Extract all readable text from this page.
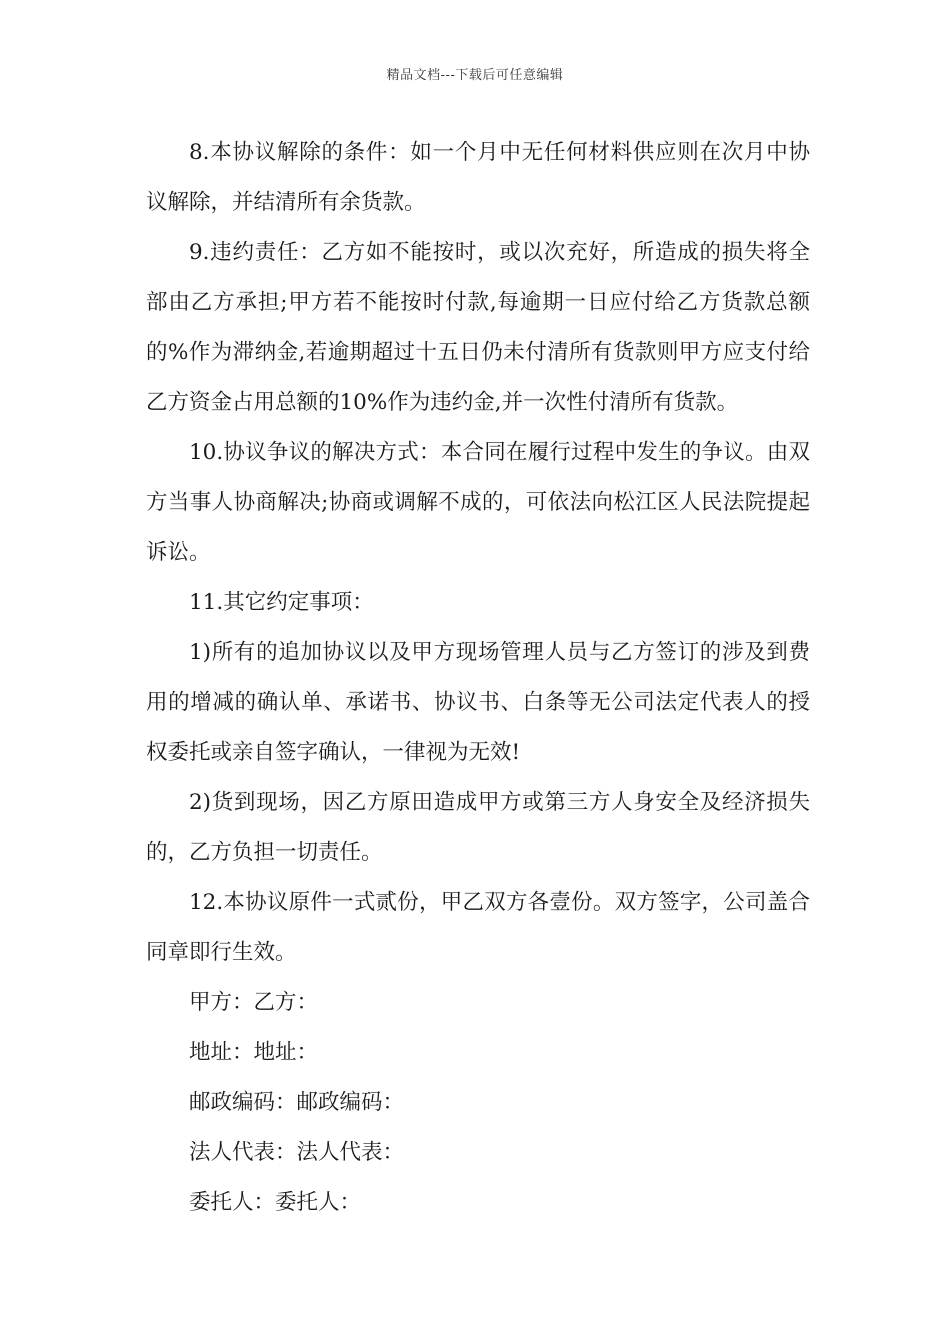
精品文档---下载后可任意编辑

8.本协议解除的条件：如一个月中无任何材料供应则在次月中协议解除，并结清所有余货款。

9.违约责任：乙方如不能按时，或以次充好，所造成的损失将全部由乙方承担;甲方若不能按时付款,每逾期一日应付给乙方货款总额的%作为滞纳金,若逾期超过十五日仍未付清所有货款则甲方应支付给乙方资金占用总额的10%作为违约金,并一次性付清所有货款。

10.协议争议的解决方式：本合同在履行过程中发生的争议。由双方当事人协商解决;协商或调解不成的，可依法向松江区人民法院提起诉讼。

11.其它约定事项：

1)所有的追加协议以及甲方现场管理人员与乙方签订的涉及到费用的增减的确认单、承诺书、协议书、白条等无公司法定代表人的授权委托或亲自签字确认，一律视为无效!

2)货到现场，因乙方原田造成甲方或第三方人身安全及经济损失的，乙方负担一切责任。

12.本协议原件一式贰份，甲乙双方各壹份。双方签字，公司盖合同章即行生效。

甲方：乙方：

地址：地址：

邮政编码：邮政编码：

法人代表：法人代表：

委托人：委托人：
